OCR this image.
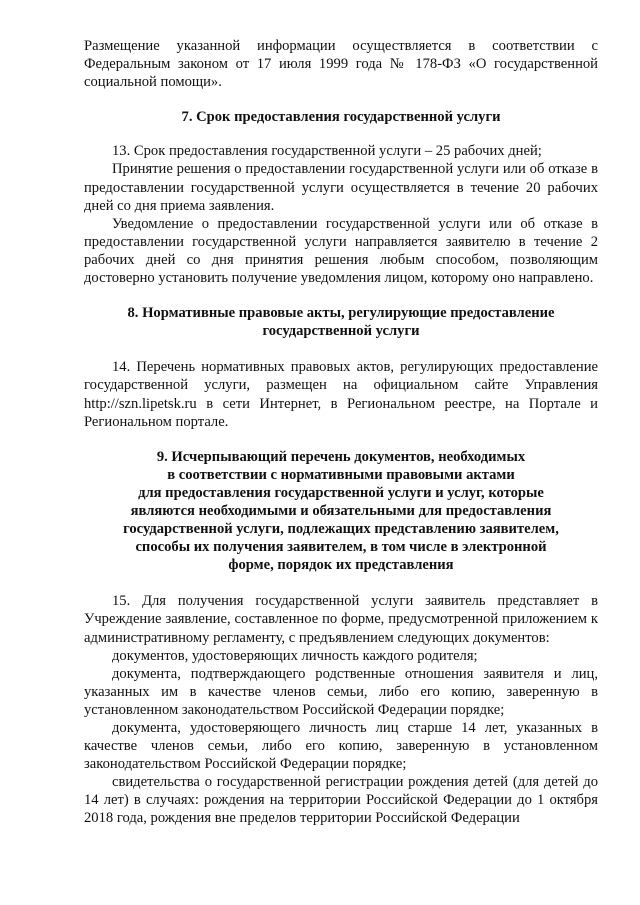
Размещение указанной информации осуществляется в соответствии с Федеральным законом от 17 июля 1999 года № 178-ФЗ «О государственной социальной помощи».

7. Срок предоставления государственной услуги

13. Срок предоставления государственной услуги – 25 рабочих дней;

Принятие решения о предоставлении государственной услуги или об отказе в предоставлении государственной услуги осуществляется в течение 20 рабочих дней со дня приема заявления.

Уведомление о предоставлении государственной услуги или об отказе в предоставлении государственной услуги направляется заявителю в течение 2 рабочих дней со дня принятия решения любым способом, позволяющим достоверно установить получение уведомления лицом, которому оно направлено.

8. Нормативные правовые акты, регулирующие предоставление

государственной услуги

14. Перечень нормативных правовых актов, регулирующих предоставление государственной услуги, размещен на официальном сайте Управления http://szn.lipetsk.ru в сети Интернет, в Региональном реестре, на Портале и Региональном портале.

9. Исчерпывающий перечень документов, необходимых

в соответствии с нормативными правовыми актами

для предоставления государственной услуги и услуг, которые

являются необходимыми и обязательными для предоставления

государственной услуги, подлежащих представлению заявителем,

способы их получения заявителем, в том числе в электронной

форме, порядок их представления

15. Для получения государственной услуги заявитель представляет в Учреждение заявление, составленное по форме, предусмотренной приложением к административному регламенту, с предъявлением следующих документов:

документов, удостоверяющих личность каждого родителя;

документа, подтверждающего родственные отношения заявителя и лиц, указанных им в качестве членов семьи, либо его копию, заверенную в установленном законодательством Российской Федерации порядке;

документа, удостоверяющего личность лиц старше 14 лет, указанных в качестве членов семьи, либо его копию, заверенную в установленном законодательством Российской Федерации порядке;

свидетельства о государственной регистрации рождения детей (для детей до 14 лет) в случаях: рождения на территории Российской Федерации до 1 октября 2018 года, рождения вне пределов территории Российской Федерации
